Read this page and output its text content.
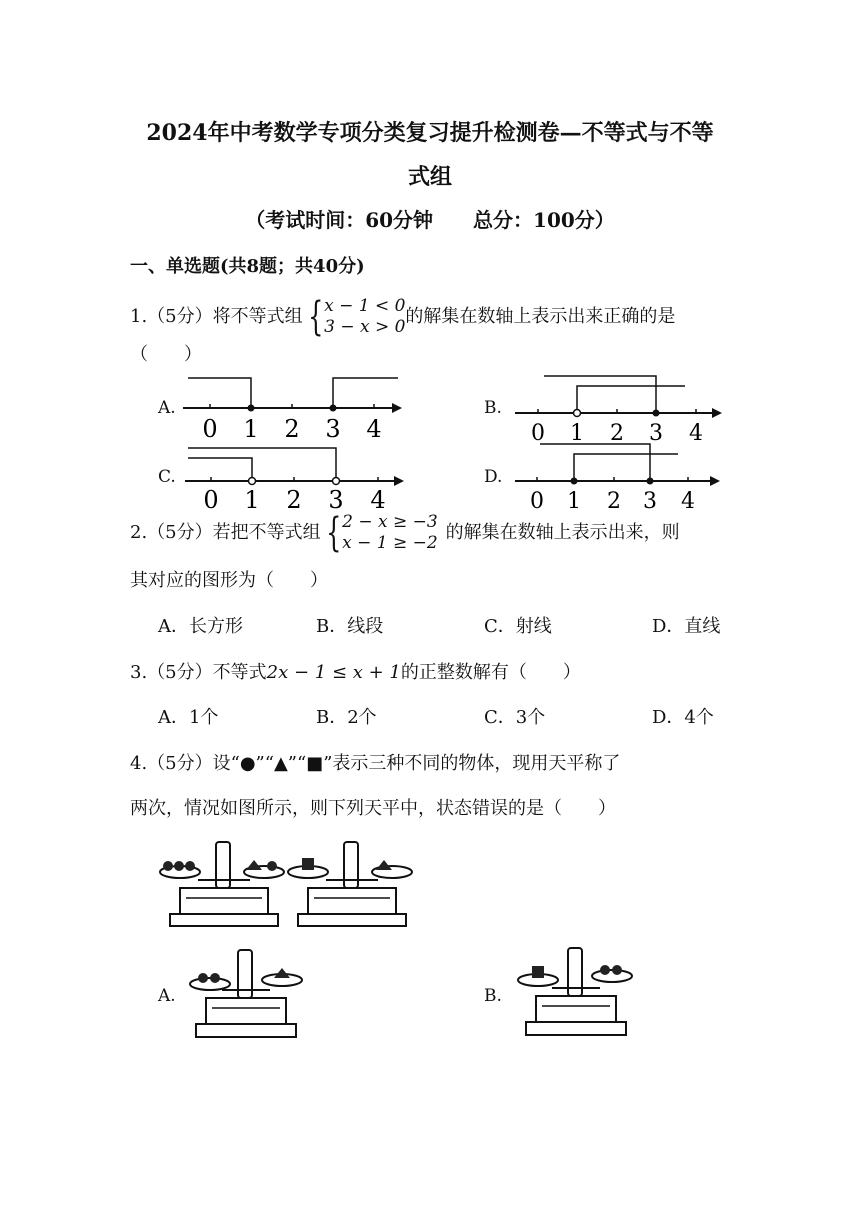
2024年中考数学专项分类复习提升检测卷—不等式与不等
式组
（考试时间：60分钟　　总分：100分）
一、单选题(共8题；共40分)
1.（5分）将不等式组 { x − 1 < 0
3 − x > 0 的解集在数轴上表示出来正确的是
（　　）
A.	B.
C.	D.
0 1 2 3 4	0 1 2 3 4
0 1 2 3 4	0 1 2 3 4
2.（5分）若把不等式组 { 2 − x ≥ −3
x − 1 ≥ −2 的解集在数轴上表示出来，则
其对应的图形为（　　）
A．长方形	B．线段	C．射线	D．直线
3.（5分）不等式2x − 1 ≤ x + 1的正整数解有（　　）
A．1个	B．2个	C．3个	D．4个
4.（5分）设“●”“▲”“■”表示三种不同的物体，现用天平称了
两次，情况如图所示，则下列天平中，状态错误的是（　　）
A.	B.
